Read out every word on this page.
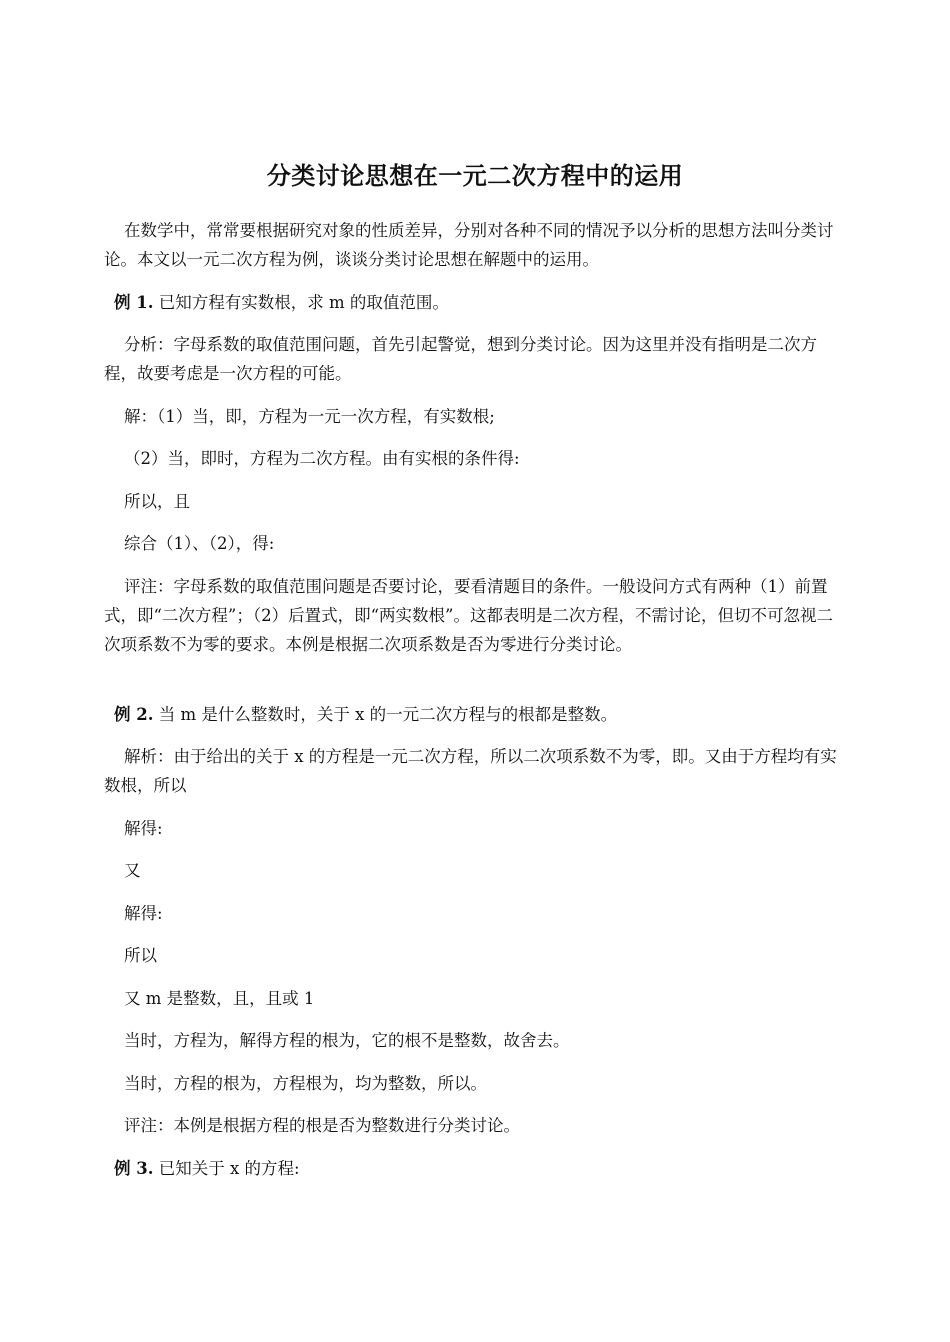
分类讨论思想在一元二次方程中的运用

在数学中，常常要根据研究对象的性质差异，分别对各种不同的情况予以分析的思想方法叫分类讨论。本文以一元二次方程为例，谈谈分类讨论思想在解题中的运用。

例 1. 已知方程有实数根，求 m 的取值范围。

分析：字母系数的取值范围问题，首先引起警觉，想到分类讨论。因为这里并没有指明是二次方程，故要考虑是一次方程的可能。

解：（1）当，即，方程为一元一次方程，有实数根;

（2）当，即时，方程为二次方程。由有实根的条件得:

所以，且

综合（1）、（2），得:

评注：字母系数的取值范围问题是否要讨论，要看清题目的条件。一般设问方式有两种（1）前置式，即“二次方程”；（2）后置式，即“两实数根”。这都表明是二次方程，不需讨论，但切不可忽视二次项系数不为零的要求。本例是根据二次项系数是否为零进行分类讨论。

例 2. 当 m 是什么整数时，关于 x 的一元二次方程与的根都是整数。

解析：由于给出的关于 x 的方程是一元二次方程，所以二次项系数不为零，即。又由于方程均有实数根，所以

解得:

又

解得:

所以

又 m 是整数，且，且或 1

当时，方程为，解得方程的根为，它的根不是整数，故舍去。

当时，方程的根为，方程根为，均为整数，所以。

评注：本例是根据方程的根是否为整数进行分类讨论。

例 3. 已知关于 x 的方程:
